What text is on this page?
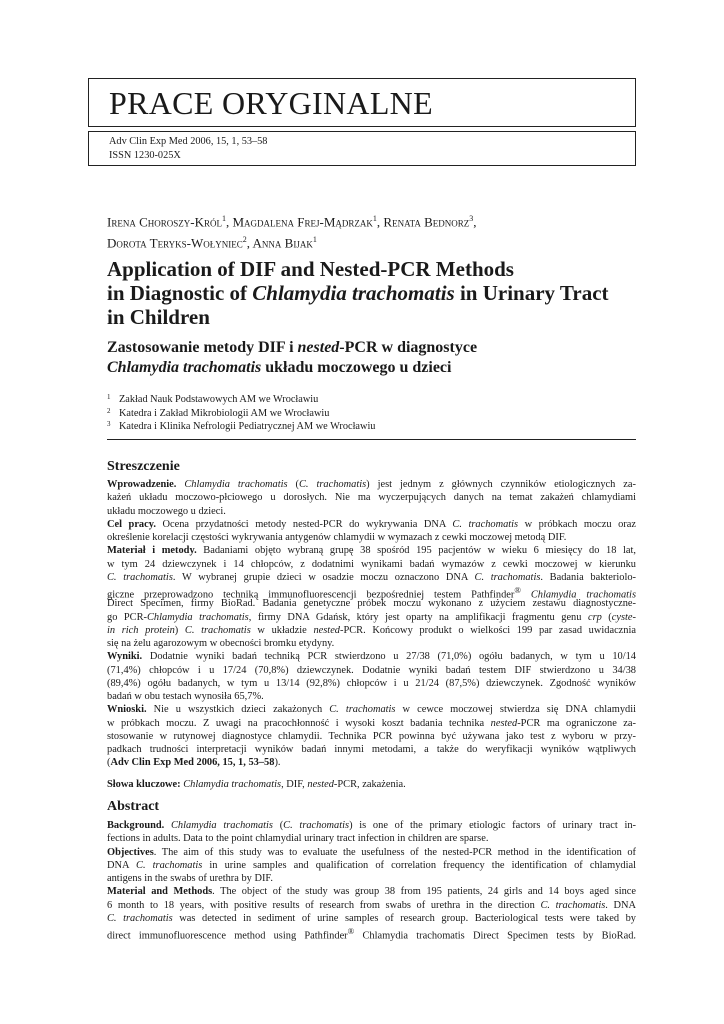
PRACE ORYGINALNE
Adv Clin Exp Med 2006, 15, 1, 53–58
ISSN 1230-025X
Irena Choroszy-Król$^1$, Magdalena Frej-Mądrzak$^1$, Renata Bednorz$^3$,
Dorota Teryks-Wołyniec$^2$, Anna Bijak$^1$
Application of DIF and Nested-PCR Methods
in Diagnostic of Chlamydia trachomatis in Urinary Tract
in Children
Zastosowanie metody DIF i nested-PCR w diagnostyce
Chlamydia trachomatis układu moczowego u dzieci
1 Zakład Nauk Podstawowych AM we Wrocławiu
2 Katedra i Zakład Mikrobiologii AM we Wrocławiu
3 Katedra i Klinika Nefrologii Pediatrycznej AM we Wrocławiu
Streszczenie
Wprowadzenie. Chlamydia trachomatis (C. trachomatis) jest jednym z głównych czynników etiologicznych za-
każeń układu moczowo-płciowego u dorosłych. Nie ma wyczerpujących danych na temat zakażeń chlamydiami
układu moczowego u dzieci.
Cel pracy. Ocena przydatności metody nested-PCR do wykrywania DNA C. trachomatis w próbkach moczu oraz
określenie korelacji częstości wykrywania antygenów chlamydii w wymazach z cewki moczowej metodą DIF.
Materiał i metody. Badaniami objęto wybraną grupę 38 spośród 195 pacjentów w wieku 6 miesięcy do 18 lat,
w tym 24 dziewczynek i 14 chłopców, z dodatnimi wynikami badań wymazów z cewki moczowej w kierunku
C. trachomatis. W wybranej grupie dzieci w osadzie moczu oznaczono DNA C. trachomatis. Badania bakteriolo-
giczne przeprowadzono techniką immunofluorescencji bezpośredniej testem Pathfinder® Chlamydia trachomatis
Direct Specimen, firmy BioRad. Badania genetyczne próbek moczu wykonano z użyciem zestawu diagnostyczne-
go PCR-Chlamydia trachomatis, firmy DNA Gdańsk, który jest oparty na amplifikacji fragmentu genu crp (cyste-
in rich protein) C. trachomatis w układzie nested-PCR. Końcowy produkt o wielkości 199 par zasad uwidacznia
się na żelu agarozowym w obecności bromku etydyny.
Wyniki. Dodatnie wyniki badań techniką PCR stwierdzono u 27/38 (71,0%) ogółu badanych, w tym u 10/14
(71,4%) chłopców i u 17/24 (70,8%) dziewczynek. Dodatnie wyniki badań testem DIF stwierdzono u 34/38
(89,4%) ogółu badanych, w tym u 13/14 (92,8%) chłopców i u 21/24 (87,5%) dziewczynek. Zgodność wyników
badań w obu testach wynosiła 65,7%.
Wnioski. Nie u wszystkich dzieci zakażonych C. trachomatis w cewce moczowej stwierdza się DNA chlamydii
w próbkach moczu. Z uwagi na pracochłonność i wysoki koszt badania technika nested-PCR ma ograniczone za-
stosowanie w rutynowej diagnostyce chlamydii. Technika PCR powinna być używana jako test z wyboru w przy-
padkach trudności interpretacji wyników badań innymi metodami, a także do weryfikacji wyników wątpliwych
(Adv Clin Exp Med 2006, 15, 1, 53–58).
Słowa kluczowe: Chlamydia trachomatis, DIF, nested-PCR, zakażenia.
Abstract
Background. Chlamydia trachomatis (C. trachomatis) is one of the primary etiologic factors of urinary tract in-
fections in adults. Data to the point chlamydial urinary tract infection in children are sparse.
Objectives. The aim of this study was to evaluate the usefulness of the nested-PCR method in the identification of
DNA C. trachomatis in urine samples and qualification of correlation frequency the identification of chlamydial
antigens in the swabs of urethra by DIF.
Material and Methods. The object of the study was group 38 from 195 patients, 24 girls and 14 boys aged since
6 month to 18 years, with positive results of research from swabs of urethra in the direction C. trachomatis. DNA
C. trachomatis was detected in sediment of urine samples of research group. Bacteriological tests were taked by
direct immunofluorescence method using Pathfinder® Chlamydia trachomatis Direct Specimen tests by BioRad.
